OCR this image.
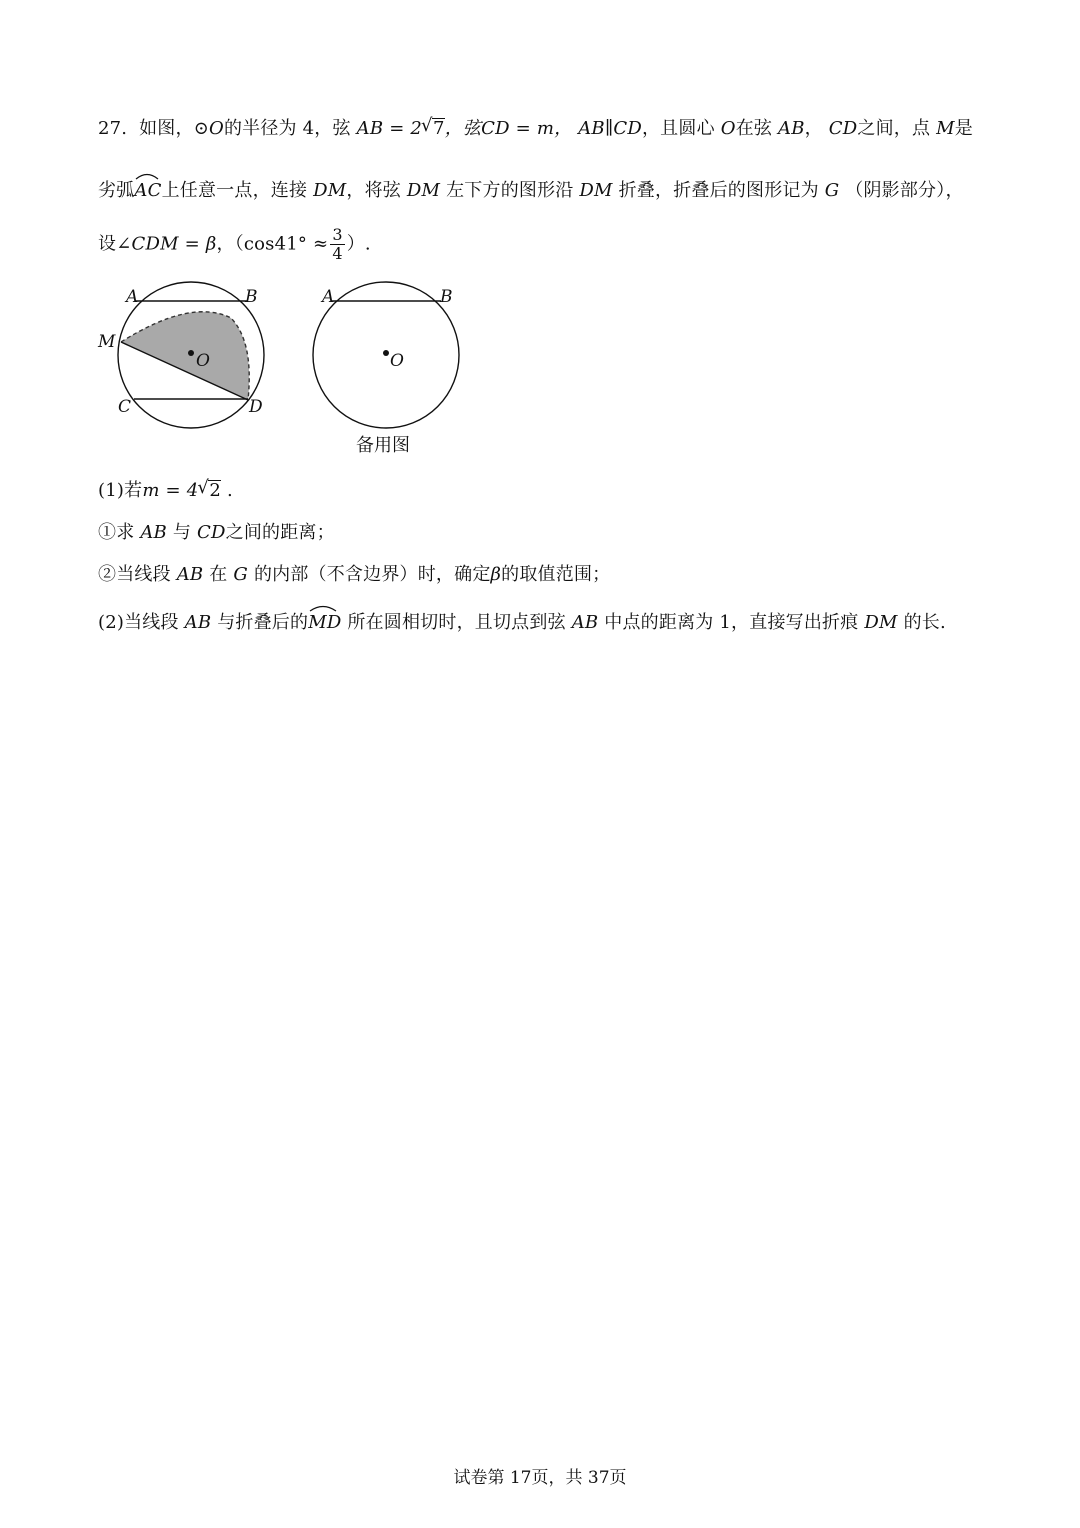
27. 如图，⊙O的半径为 4，弦 AB = 2 √ 7，弦CD = m， AB∥CD，且圆心 O在弦 AB， CD之间，点 M是
劣弧
AC上任意一点，连接 DM，将弦 DM 左下方的图形沿 DM 折叠，折叠后的图形记为 G （阴影部分），
设∠CDM = β，（$\cos 41^\circ \approx \frac{3}{4}$ ）.
A	B
M
O
C	D
A	B
O
备用图
(1)若m = 4 √ 2 .
①求 AB 与 CD之间的距离；
②当线段 AB 在 G 的内部（不含边界）时，确定β的取值范围；
(2)当线段 AB 与折叠后的
MD 所在圆相切时，且切点到弦 AB 中点的距离为 1，直接写出折痕 DM 的长.
试卷第 17页，共 37页
